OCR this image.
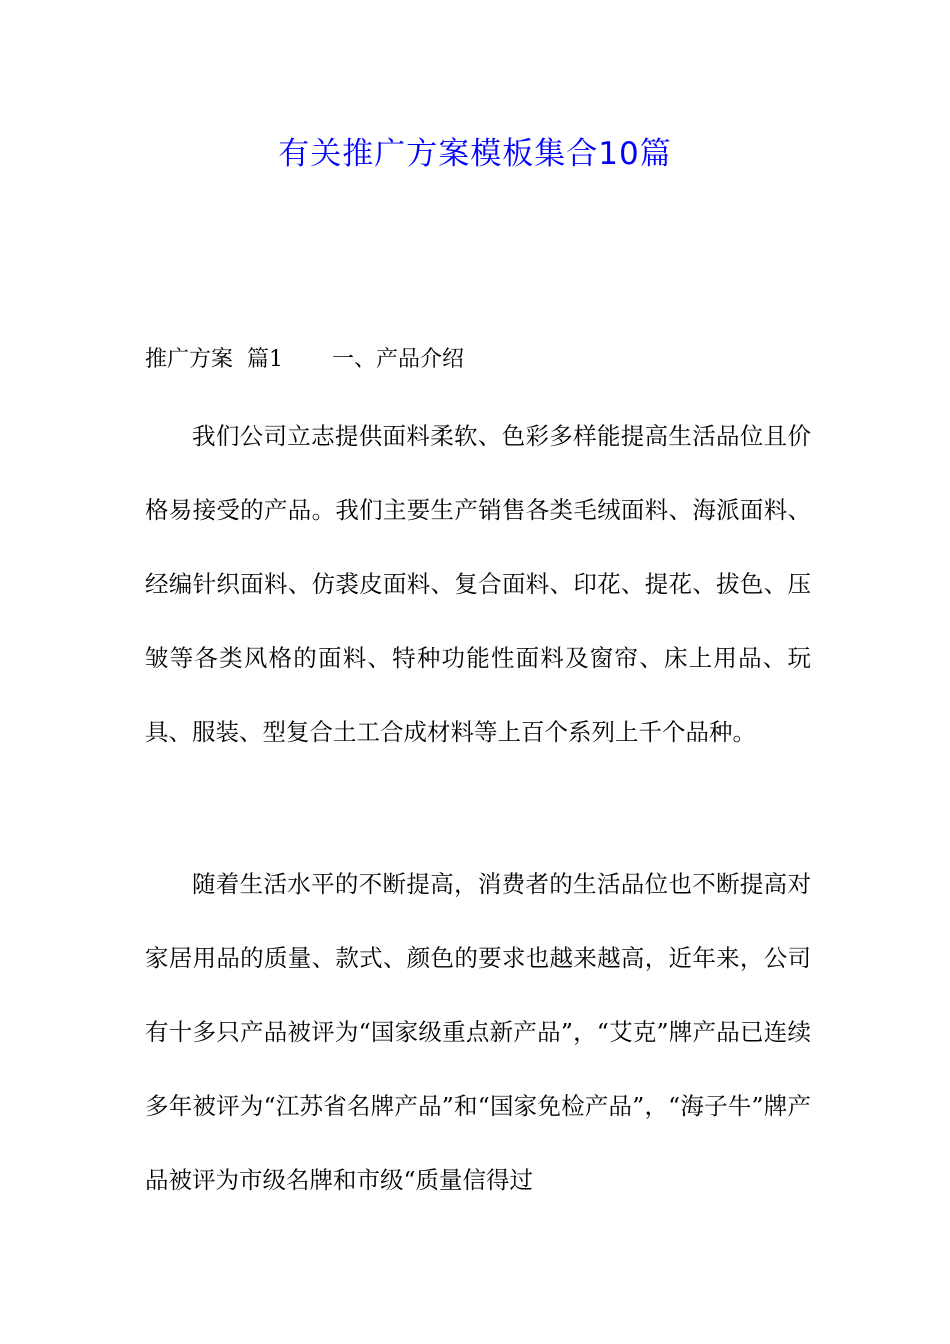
有关推广方案模板集合10篇
推广方案 篇1 一、产品介绍

我们公司立志提供面料柔软、色彩多样能提高生活品位且价格易接受的产品。我们主要生产销售各类毛绒面料、海派面料、经编针织面料、仿裘皮面料、复合面料、印花、提花、拔色、压皱等各类风格的面料、特种功能性面料及窗帘、床上用品、玩具、服装、型复合土工合成材料等上百个系列上千个品种。

随着生活水平的不断提高，消费者的生活品位也不断提高对家居用品的质量、款式、颜色的要求也越来越高，近年来，公司有十多只产品被评为“国家级重点新产品”，“艾克”牌产品已连续多年被评为“江苏省名牌产品”和“国家免检产品”，“海子牛”牌产品被评为市级名牌和市级“质量信得过
